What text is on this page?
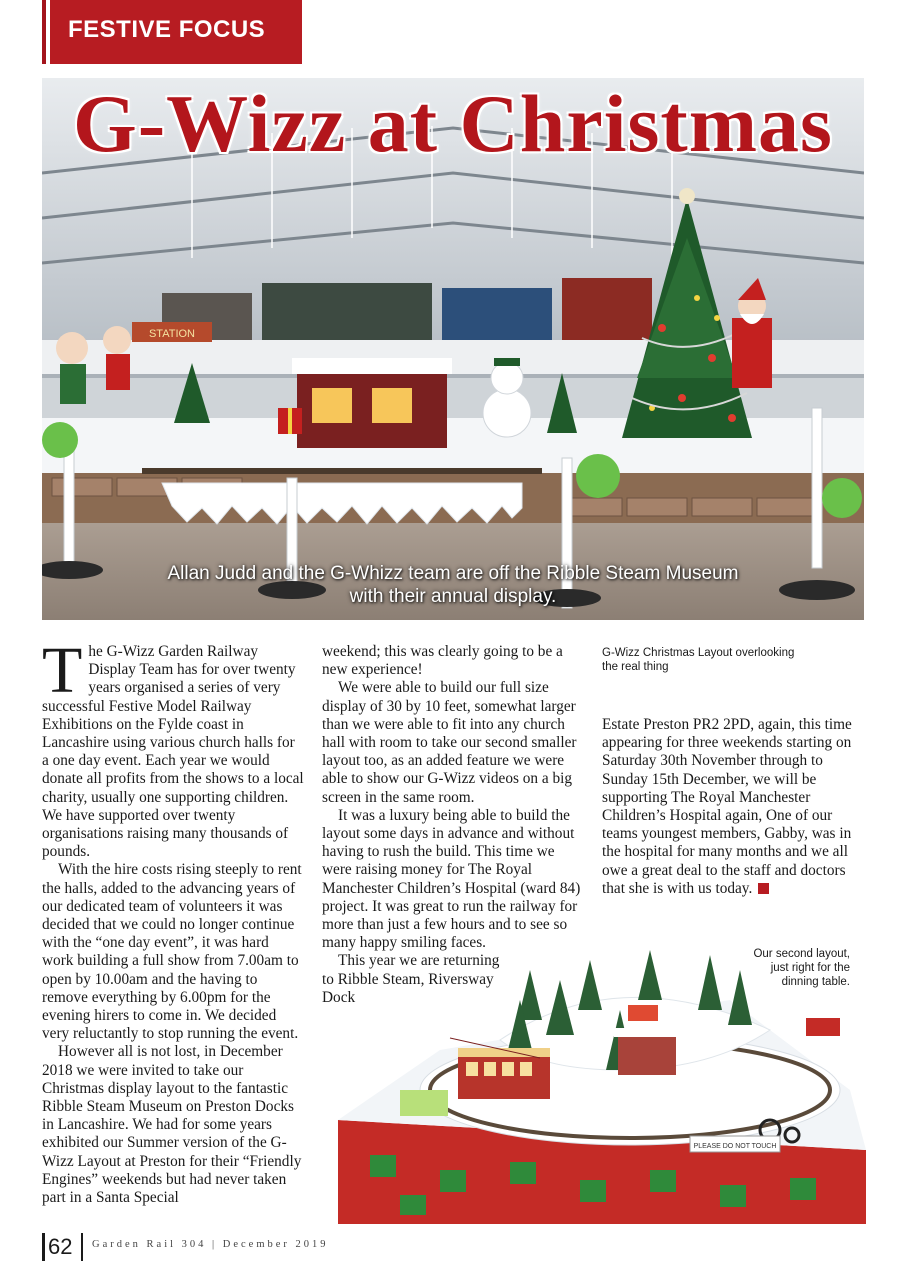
FESTIVE FOCUS
STATION
G-Wizz at Christmas
Allan Judd and the G-Whizz team are off the Ribble Steam Museum
with their annual display.

The G-Wizz Garden Railway Display Team has for over twenty years organised a series of very successful Festive Model Railway Exhibitions on the Fylde coast in Lancashire using various church halls for a one day event. Each year we would donate all profits from the shows to a local charity, usually one supporting children. We have supported over twenty organisations raising many thousands of pounds.

With the hire costs rising steeply to rent the halls, added to the advancing years of our dedicated team of volunteers it was decided that we could no longer continue with the “one day event”, it was hard work building a full show from 7.00am to open by 10.00am and the having to remove everything by 6.00pm for the evening hirers to come in. We decided very reluctantly to stop running the event.

However all is not lost, in December 2018 we were invited to take our Christmas display layout to the fantastic Ribble Steam Museum on Preston Docks in Lancashire. We had for some years exhibited our Summer version of the G-Wizz Layout at Preston for their “Friendly Engines” weekends but had never taken part in a Santa Special

weekend; this was clearly going to be a new experience!

We were able to build our full size display of 30 by 10 feet, somewhat larger than we were able to fit into any church hall with room to take our second smaller layout too, as an added feature we were able to show our G-Wizz videos on a big screen in the same room.

It was a luxury being able to build the layout some days in advance and without having to rush the build. This time we were raising money for The Royal Manchester Children’s Hospital (ward 84) project. It was great to run the railway for more than just a few hours and to see so many happy smiling faces.

This year we are returning to Ribble Steam, Riversway Dock

G-Wizz Christmas Layout overlooking
the real thing

Estate Preston PR2 2PD, again, this time appearing for three weekends starting on Saturday 30th November through to Sunday 15th December, we will be supporting The Royal Manchester Children’s Hospital again, One of our teams youngest members, Gabby, was in the hospital for many months and we all owe a great deal to the staff and doctors that she is with us today.

PLEASE DO NOT TOUCH
Our second layout,
just right for the
dinning table.
62 Garden Rail 304 | December 2019
